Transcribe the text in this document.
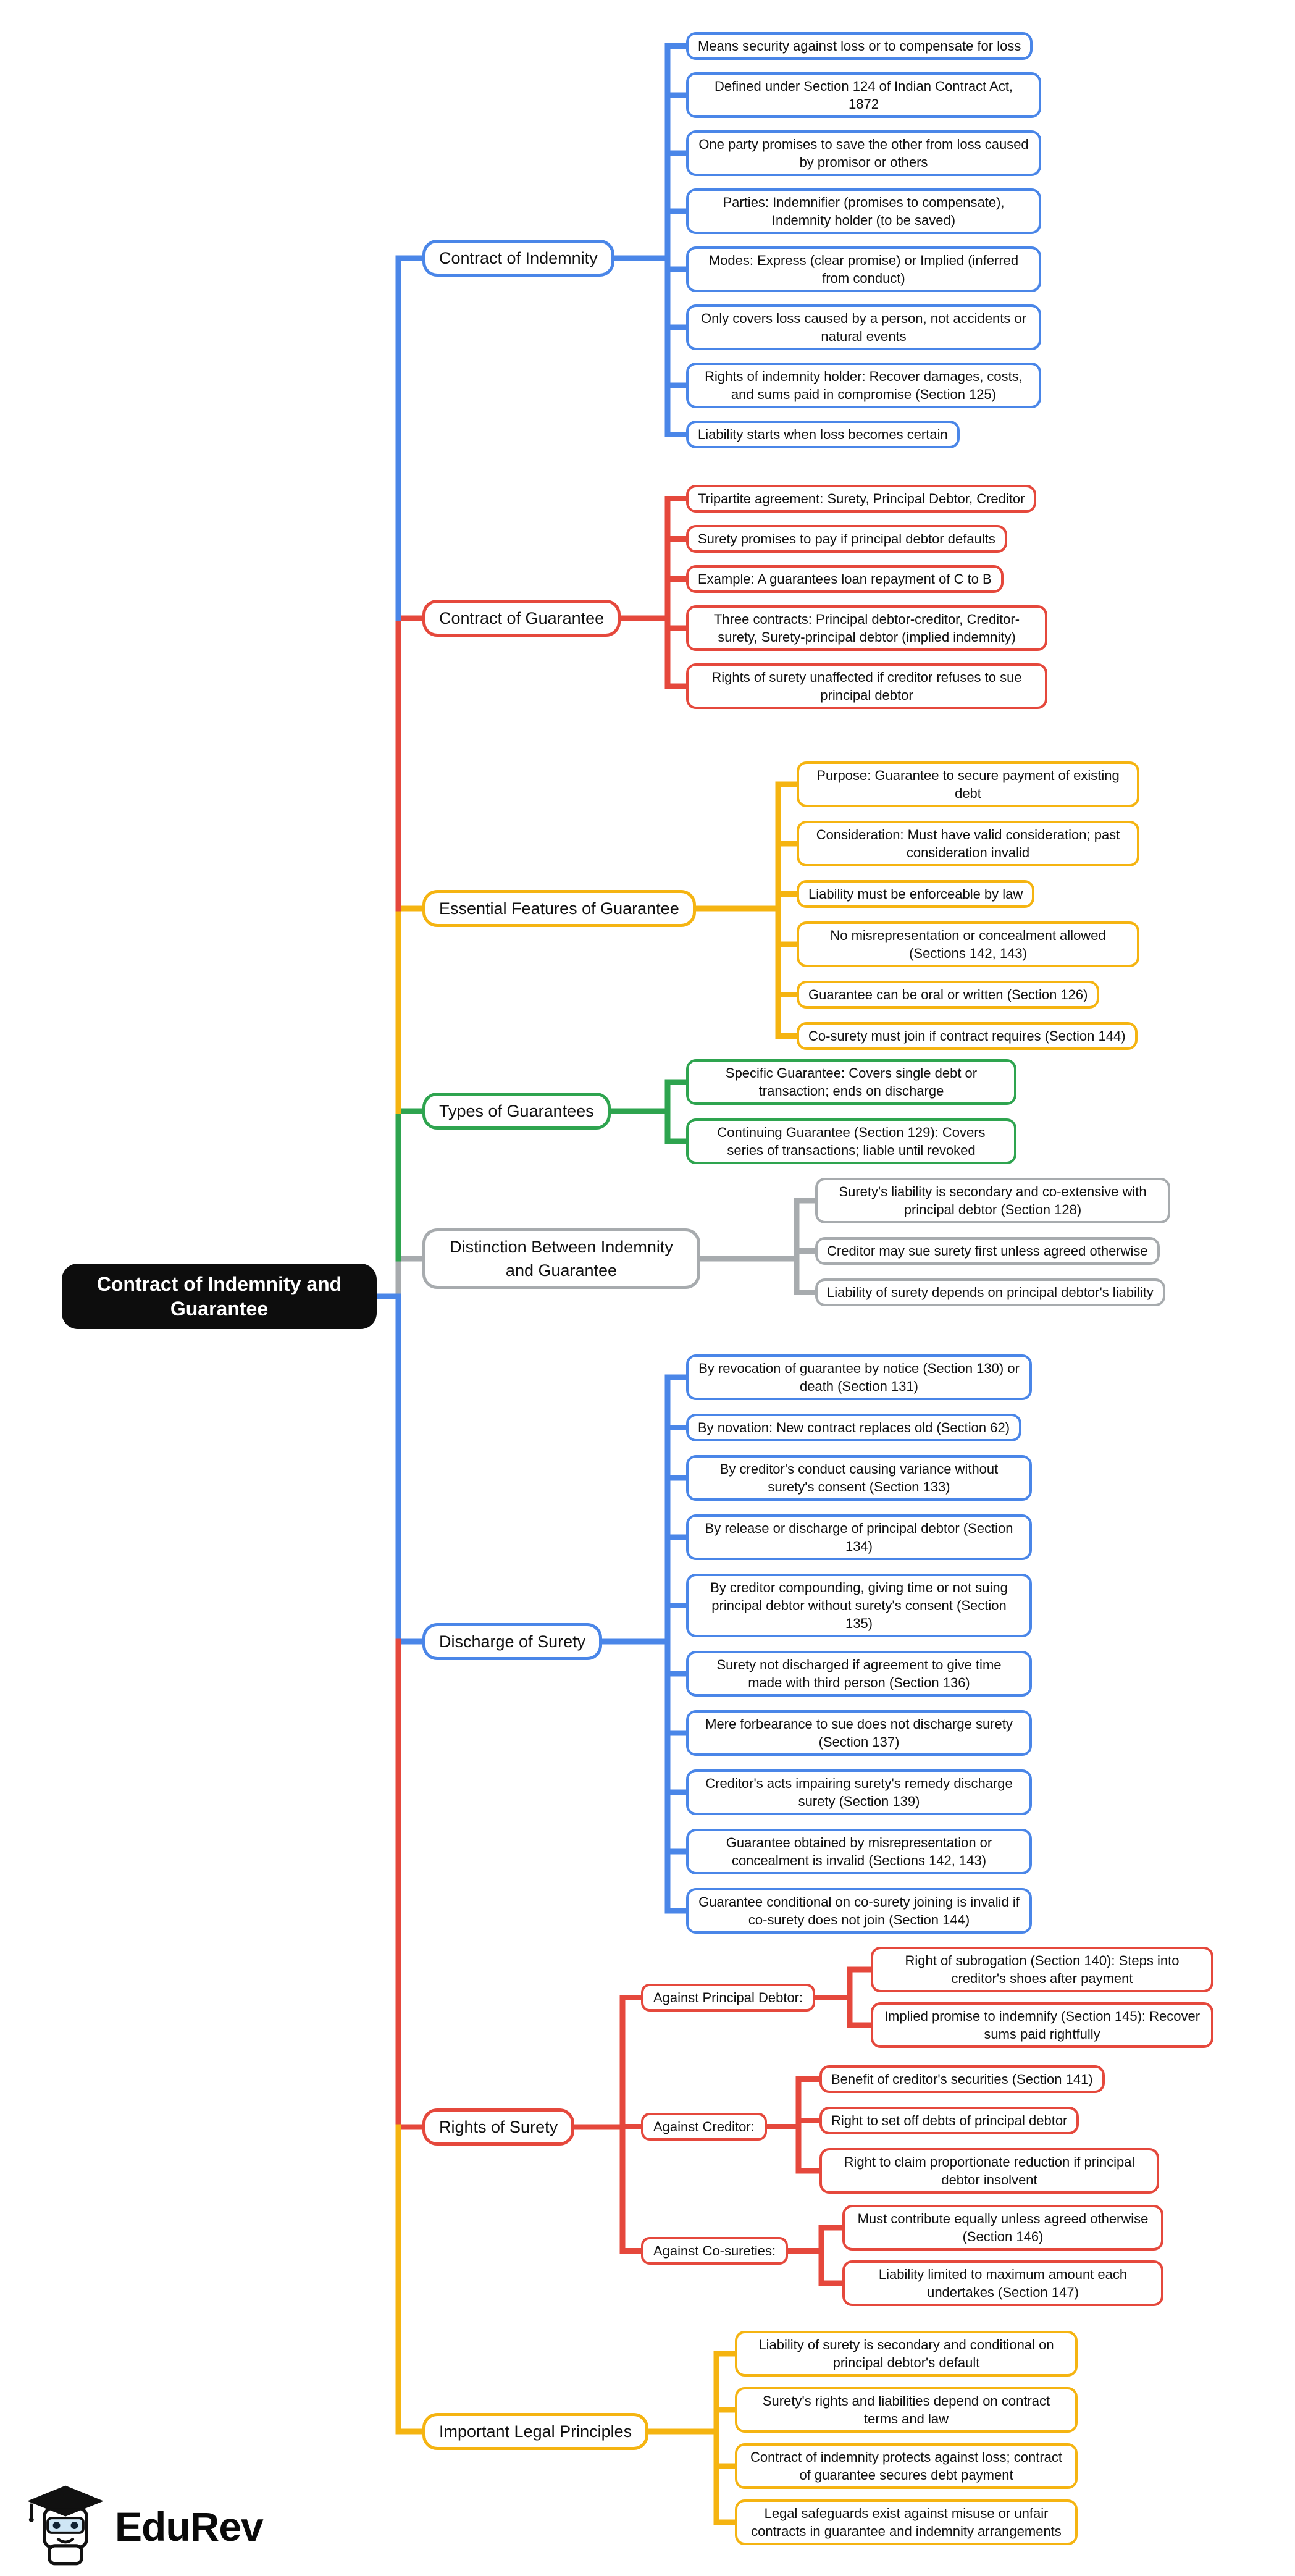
Contract of Indemnity and Guarantee
Contract of Indemnity
Means security against loss or to compensate for loss
Defined under Section 124 of Indian Contract Act, 1872
One party promises to save the other from loss caused by promisor or others
Parties: Indemnifier (promises to compensate), Indemnity holder (to be saved)
Modes: Express (clear promise) or Implied (inferred from conduct)
Only covers loss caused by a person, not accidents or natural events
Rights of indemnity holder: Recover damages, costs, and sums paid in compromise (Section 125)
Liability starts when loss becomes certain
Contract of Guarantee
Tripartite agreement: Surety, Principal Debtor, Creditor
Surety promises to pay if principal debtor defaults
Example: A guarantees loan repayment of C to B
Three contracts: Principal debtor-creditor, Creditor-surety, Surety-principal debtor (implied indemnity)
Rights of surety unaffected if creditor refuses to sue principal debtor
Essential Features of Guarantee
Purpose: Guarantee to secure payment of existing debt
Consideration: Must have valid consideration; past consideration invalid
Liability must be enforceable by law
No misrepresentation or concealment allowed (Sections 142, 143)
Guarantee can be oral or written (Section 126)
Co-surety must join if contract requires (Section 144)
Types of Guarantees
Specific Guarantee: Covers single debt or transaction; ends on discharge
Continuing Guarantee (Section 129): Covers series of transactions; liable until revoked
Distinction Between Indemnity and Guarantee
Surety's liability is secondary and co-extensive with principal debtor (Section 128)
Creditor may sue surety first unless agreed otherwise
Liability of surety depends on principal debtor's liability
Discharge of Surety
By revocation of guarantee by notice (Section 130) or death (Section 131)
By novation: New contract replaces old (Section 62)
By creditor's conduct causing variance without surety's consent (Section 133)
By release or discharge of principal debtor (Section 134)
By creditor compounding, giving time or not suing principal debtor without surety's consent (Section 135)
Surety not discharged if agreement to give time made with third person (Section 136)
Mere forbearance to sue does not discharge surety (Section 137)
Creditor's acts impairing surety's remedy discharge surety (Section 139)
Guarantee obtained by misrepresentation or concealment is invalid (Sections 142, 143)
Guarantee conditional on co-surety joining is invalid if co-surety does not join (Section 144)
Rights of Surety
Against Principal Debtor:
Right of subrogation (Section 140): Steps into creditor's shoes after payment
Implied promise to indemnify (Section 145): Recover sums paid rightfully
Against Creditor:
Benefit of creditor's securities (Section 141)
Right to set off debts of principal debtor
Right to claim proportionate reduction if principal debtor insolvent
Against Co-sureties:
Must contribute equally unless agreed otherwise (Section 146)
Liability limited to maximum amount each undertakes (Section 147)
Important Legal Principles
Liability of surety is secondary and conditional on principal debtor's default
Surety's rights and liabilities depend on contract terms and law
Contract of indemnity protects against loss; contract of guarantee secures debt payment
Legal safeguards exist against misuse or unfair contracts in guarantee and indemnity arrangements
EduRev
